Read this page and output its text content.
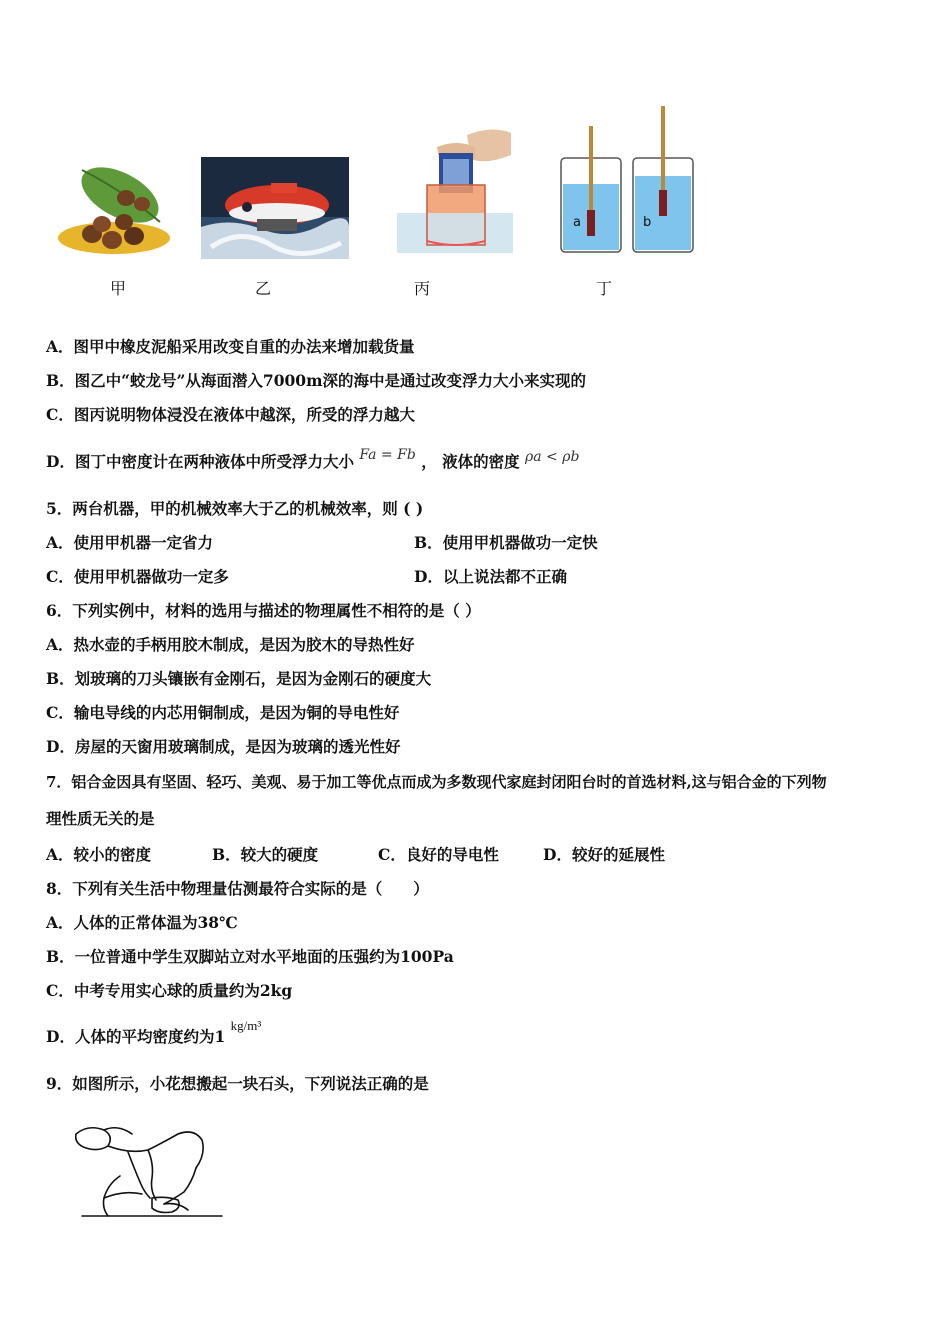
a	b
甲	乙	丙	丁
A．图甲中橡皮泥船采用改变自重的办法来增加载货量
B．图乙中“蛟龙号”从海面潜入7000m深的海中是通过改变浮力大小来实现的
C．图丙说明物体浸没在液体中越深，所受的浮力越大
D．图丁中密度计在两种液体中所受浮力大小 Fa = Fb ， 液体的密度 ρa < ρb
5．两台机器，甲的机械效率大于乙的机械效率，则 ( )
A．使用甲机器一定省力	B．使用甲机器做功一定快
C．使用甲机器做功一定多	D．以上说法都不正确
6．下列实例中，材料的选用与描述的物理属性不相符的是（ ）
A．热水壶的手柄用胶木制成，是因为胶木的导热性好
B．划玻璃的刀头镶嵌有金刚石，是因为金刚石的硬度大
C．输电导线的内芯用铜制成，是因为铜的导电性好
D．房屋的天窗用玻璃制成，是因为玻璃的透光性好
7．铝合金因具有坚固、轻巧、美观、易于加工等优点而成为多数现代家庭封闭阳台时的首选材料,这与铝合金的下列物
理性质无关的是
A．较小的密度	B．较大的硬度	C．良好的导电性	D．较好的延展性
8．下列有关生活中物理量估测最符合实际的是（　　）
A．人体的正常体温为38℃
B．一位普通中学生双脚站立对水平地面的压强约为100Pa
C．中考专用实心球的质量约为2kg
D．人体的平均密度约为1 $^{kg/m^3}$
9．如图所示，小花想搬起一块石头，下列说法正确的是
